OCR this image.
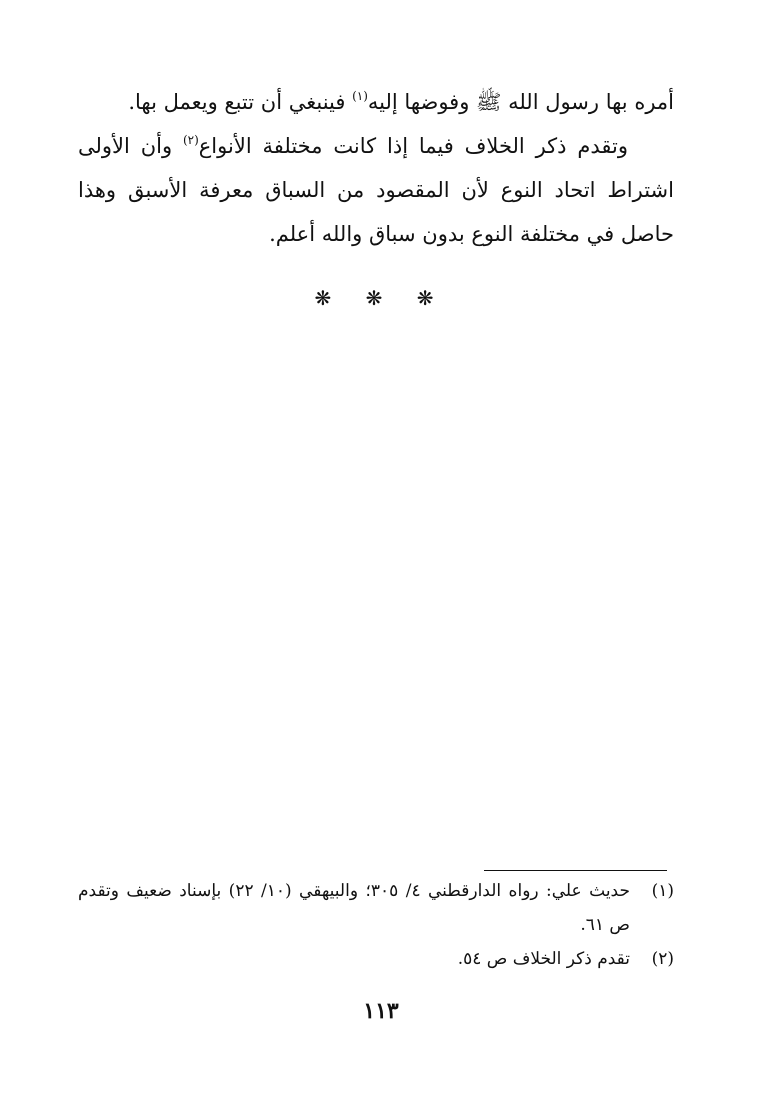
أمره بها رسول الله ﷺ وفوضها إليه$^{(١)}$ فينبغي أن تتبع ويعمل بها.

وتقدم ذكر الخلاف فيما إذا كانت مختلفة الأنواع$^{(٢)}$ وأن الأولى اشتراط اتحاد النوع لأن المقصود من السباق معرفة الأسبق وهذا حاصل في مختلفة النوع بدون سباق والله أعلم.

❋ ❋ ❋
(١)
حديث علي: رواه الدارقطني ٤/ ٣٠٥؛ والبيهقي (١٠/ ٢٢) بإسناد ضعيف وتقدم ص ٦١.
(٢)
تقدم ذكر الخلاف ص ٥٤.
١١٣
